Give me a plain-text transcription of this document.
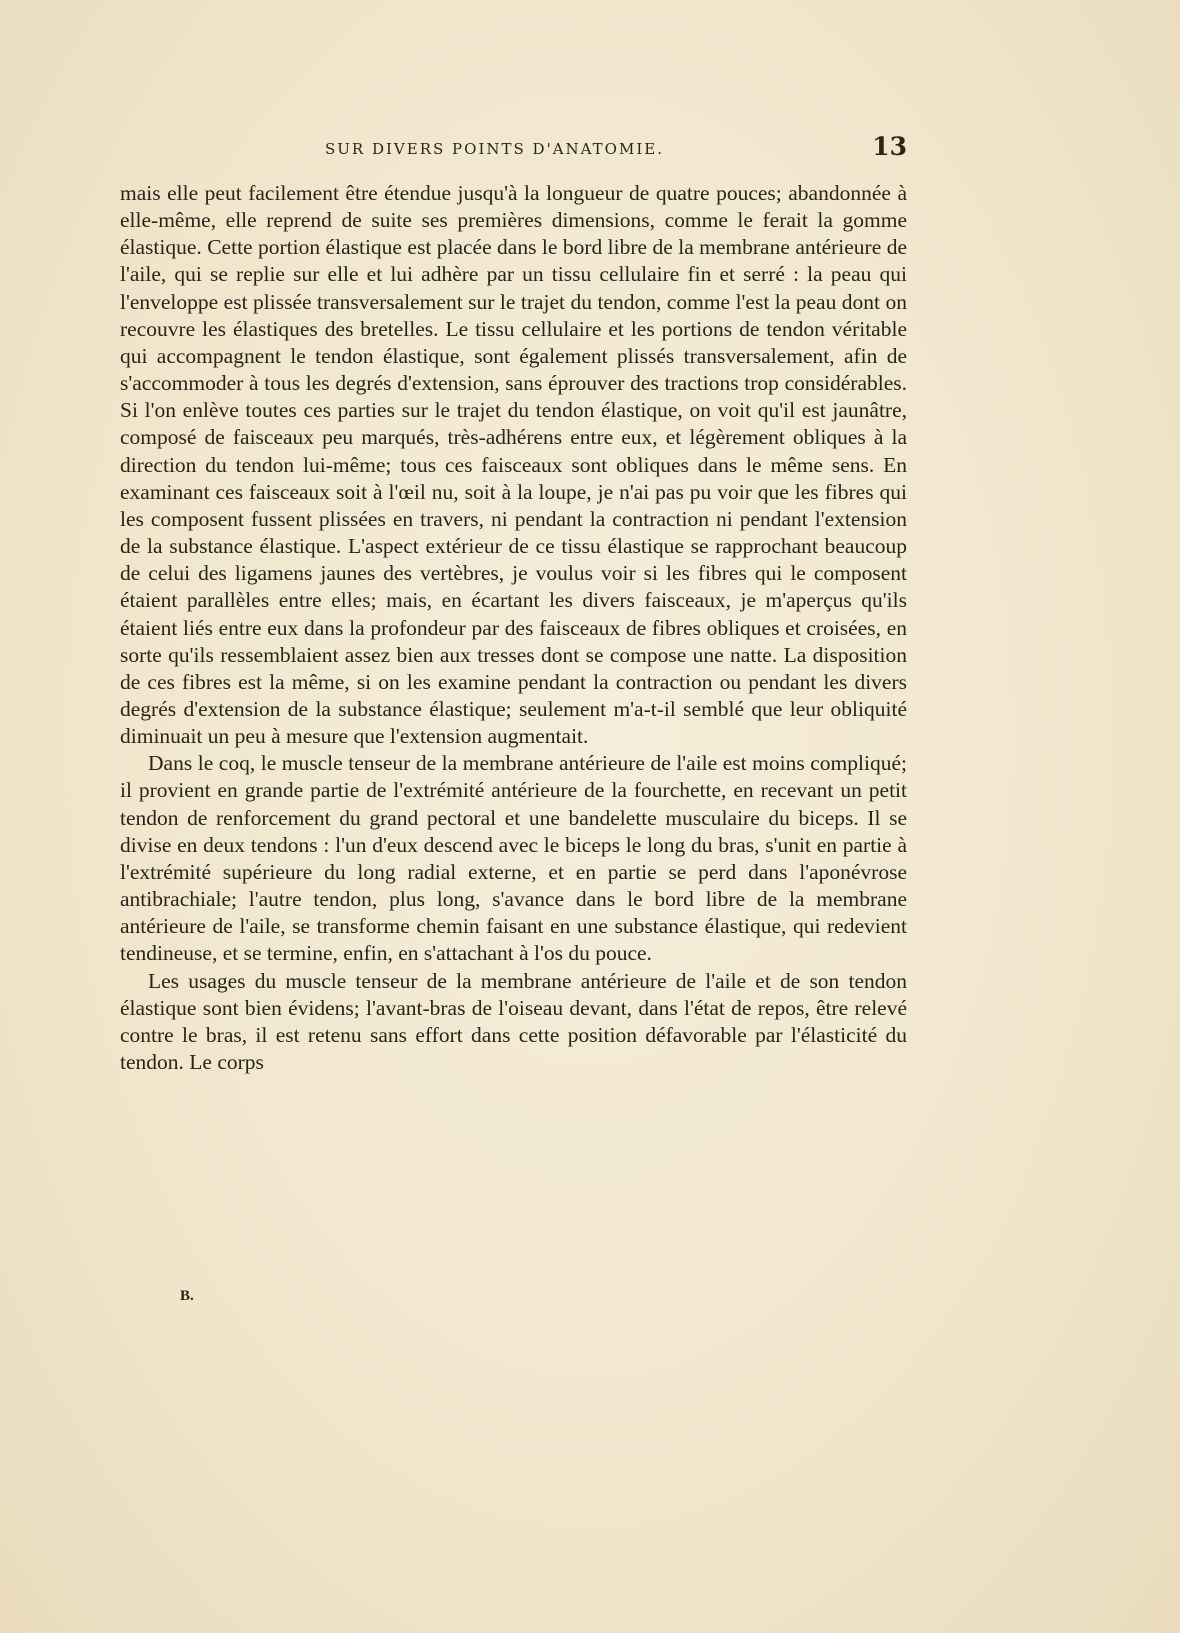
SUR DIVERS POINTS D'ANATOMIE.	13

mais elle peut facilement être étendue jusqu'à la longueur de quatre pouces; abandonnée à elle-même, elle reprend de suite ses premières dimensions, comme le ferait la gomme élastique. Cette portion élastique est placée dans le bord libre de la membrane antérieure de l'aile, qui se replie sur elle et lui adhère par un tissu cellulaire fin et serré : la peau qui l'enveloppe est plissée transversalement sur le trajet du tendon, comme l'est la peau dont on recouvre les élastiques des bretelles. Le tissu cellulaire et les portions de tendon véritable qui accompagnent le tendon élastique, sont également plissés transversalement, afin de s'accommoder à tous les degrés d'extension, sans éprouver des tractions trop considérables. Si l'on enlève toutes ces parties sur le trajet du tendon élastique, on voit qu'il est jaunâtre, composé de faisceaux peu marqués, très-adhérens entre eux, et légèrement obliques à la direction du tendon lui-même; tous ces faisceaux sont obliques dans le même sens. En examinant ces faisceaux soit à l'œil nu, soit à la loupe, je n'ai pas pu voir que les fibres qui les composent fussent plissées en travers, ni pendant la contraction ni pendant l'extension de la substance élastique. L'aspect extérieur de ce tissu élastique se rapprochant beaucoup de celui des ligamens jaunes des vertèbres, je voulus voir si les fibres qui le composent étaient parallèles entre elles; mais, en écartant les divers faisceaux, je m'aperçus qu'ils étaient liés entre eux dans la profondeur par des faisceaux de fibres obliques et croisées, en sorte qu'ils ressemblaient assez bien aux tresses dont se compose une natte. La disposition de ces fibres est la même, si on les examine pendant la contraction ou pendant les divers degrés d'extension de la substance élastique; seulement m'a-t-il semblé que leur obliquité diminuait un peu à mesure que l'extension augmentait.

Dans le coq, le muscle tenseur de la membrane antérieure de l'aile est moins compliqué; il provient en grande partie de l'extrémité antérieure de la fourchette, en recevant un petit tendon de renforcement du grand pectoral et une bandelette musculaire du biceps. Il se divise en deux tendons : l'un d'eux descend avec le biceps le long du bras, s'unit en partie à l'extrémité supérieure du long radial externe, et en partie se perd dans l'aponévrose antibrachiale; l'autre tendon, plus long, s'avance dans le bord libre de la membrane antérieure de l'aile, se transforme chemin faisant en une substance élastique, qui redevient tendineuse, et se termine, enfin, en s'attachant à l'os du pouce.

Les usages du muscle tenseur de la membrane antérieure de l'aile et de son tendon élastique sont bien évidens; l'avant-bras de l'oiseau devant, dans l'état de repos, être relevé contre le bras, il est retenu sans effort dans cette position défavorable par l'élasticité du tendon. Le corps

B.
